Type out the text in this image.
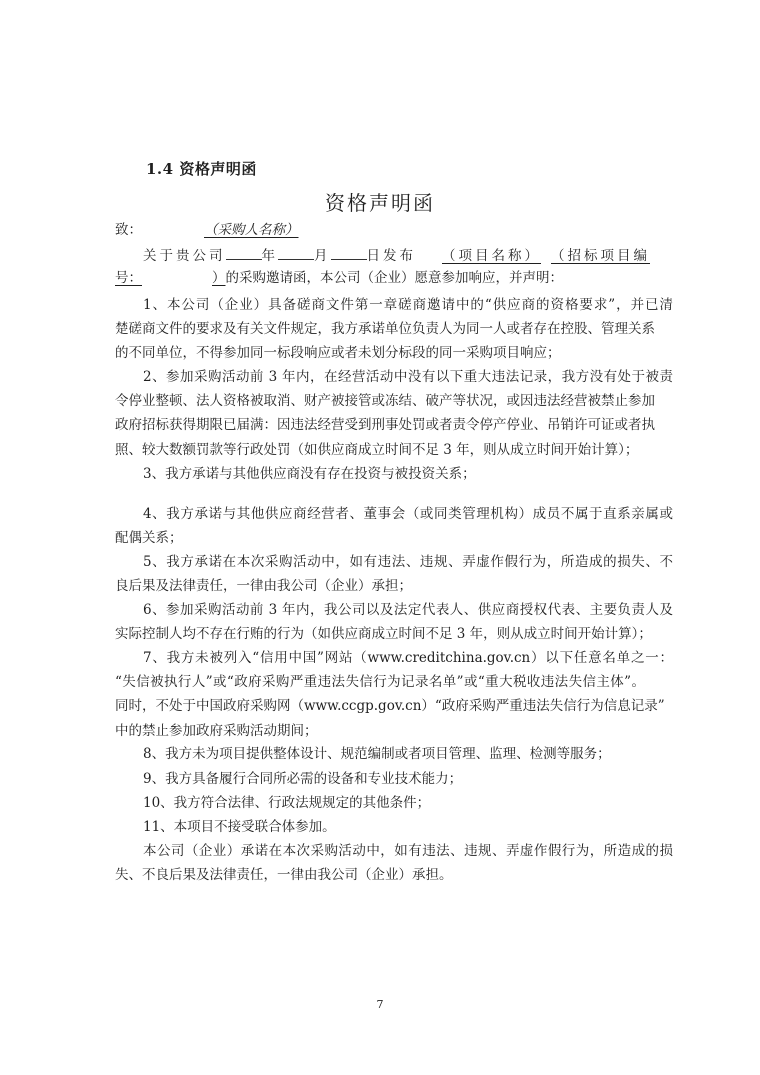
1.4 资格声明函
资格声明函
致：	（采购人名称）
关于贵公司	年	月	日发布 （项目名称） （招标项目编
号：	）的采购邀请函，本公司（企业）愿意参加响应，并声明：
1、本公司（企业）具备磋商文件第一章磋商邀请中的“供应商的资格要求”，并已清
楚磋商文件的要求及有关文件规定，我方承诺单位负责人为同一人或者存在控股、管理关系
的不同单位，不得参加同一标段响应或者未划分标段的同一采购项目响应；
2、参加采购活动前 3 年内，在经营活动中没有以下重大违法记录，我方没有处于被责
令停业整顿、法人资格被取消、财产被接管或冻结、破产等状况，或因违法经营被禁止参加
政府招标获得期限已届满：因违法经营受到刑事处罚或者责令停产停业、吊销许可证或者执
照、较大数额罚款等行政处罚（如供应商成立时间不足 3 年，则从成立时间开始计算）；
3、我方承诺与其他供应商没有存在投资与被投资关系；
4、我方承诺与其他供应商经营者、董事会（或同类管理机构）成员不属于直系亲属或
配偶关系；
5、我方承诺在本次采购活动中，如有违法、违规、弄虚作假行为，所造成的损失、不
良后果及法律责任，一律由我公司（企业）承担；
6、参加采购活动前 3 年内，我公司以及法定代表人、供应商授权代表、主要负责人及
实际控制人均不存在行贿的行为（如供应商成立时间不足 3 年，则从成立时间开始计算）；
7、我方未被列入“信用中国”网站（www.creditchina.gov.cn）以下任意名单之一：
“失信被执行人”或“政府采购严重违法失信行为记录名单”或“重大税收违法失信主体”。
同时，不处于中国政府采购网（www.ccgp.gov.cn）“政府采购严重违法失信行为信息记录”
中的禁止参加政府采购活动期间；
8、我方未为项目提供整体设计、规范编制或者项目管理、监理、检测等服务；
9、我方具备履行合同所必需的设备和专业技术能力；
10、我方符合法律、行政法规规定的其他条件；
11、本项目不接受联合体参加。
本公司（企业）承诺在本次采购活动中，如有违法、违规、弄虚作假行为，所造成的损
失、不良后果及法律责任，一律由我公司（企业）承担。
7
